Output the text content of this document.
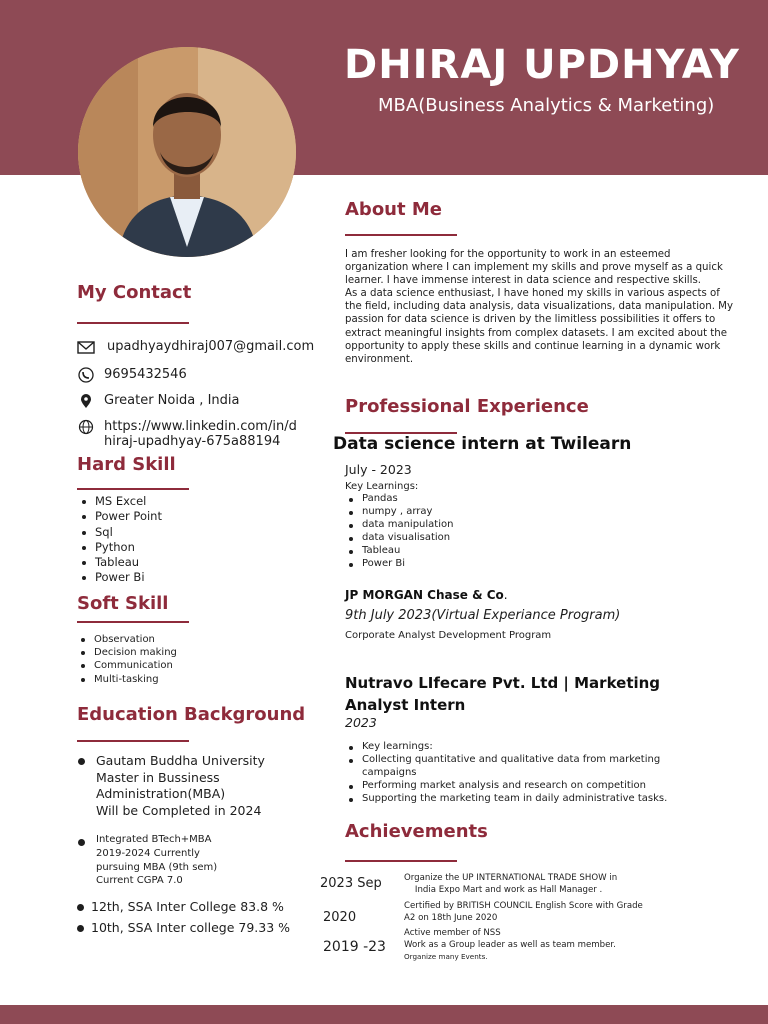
DHIRAJ UPDHYAY
MBA(Business Analytics & Marketing)
My Contact
upadhyaydhiraj007@gmail.com
9695432546
Greater Noida , India
https://www.linkedin.com/in/d
hiraj-upadhyay-675a88194
Hard Skill
MS Excel
Power Point
Sql
Python
Tableau
Power Bi
Soft Skill
Observation
Decision making
Communication
Multi-tasking
Education Background
Gautam Buddha University
Master in Bussiness
Administration(MBA)
Will be Completed in 2024
Integrated BTech+MBA
2019-2024 Currently
pursuing MBA (9th sem)
Current CGPA 7.0
12th, SSA Inter College 83.8 %
10th, SSA Inter college 79.33 %
About Me

I am fresher looking for the opportunity to work in an esteemed organization where I can implement my skills and prove myself as a quick learner. I have immense interest in data science and respective skills.

As a data science enthusiast, I have honed my skills in various aspects of the field, including data analysis, data visualizations, data manipulation. My passion for data science is driven by the limitless possibilities it offers to extract meaningful insights from complex datasets. I am excited about the opportunity to apply these skills and continue learning in a dynamic work environment.

Professional Experience
Data science intern at Twilearn
July - 2023
Key Learnings:
Pandas
numpy , array
data manipulation
data visualisation
Tableau
Power Bi
JP MORGAN Chase & Co.
9th July 2023(Virtual Experiance Program)
Corporate Analyst Development Program
Nutravo LIfecare Pvt. Ltd | Marketing
Analyst Intern
2023
Key learnings:
Collecting quantitative and qualitative data from marketing campaigns
Performing market analysis and research on competition
Supporting the marketing team in daily administrative tasks.
Achievements
2023 Sep	Organize the UP INTERNATIONAL TRADE SHOW in
India Expo Mart and work as Hall Manager .
2020
Certified by BRITISH COUNCIL English Score with Grade
A2 on 18th June 2020
2019 -23
Active member of NSS
Work as a Group leader as well as team member.
Organize many Events.
